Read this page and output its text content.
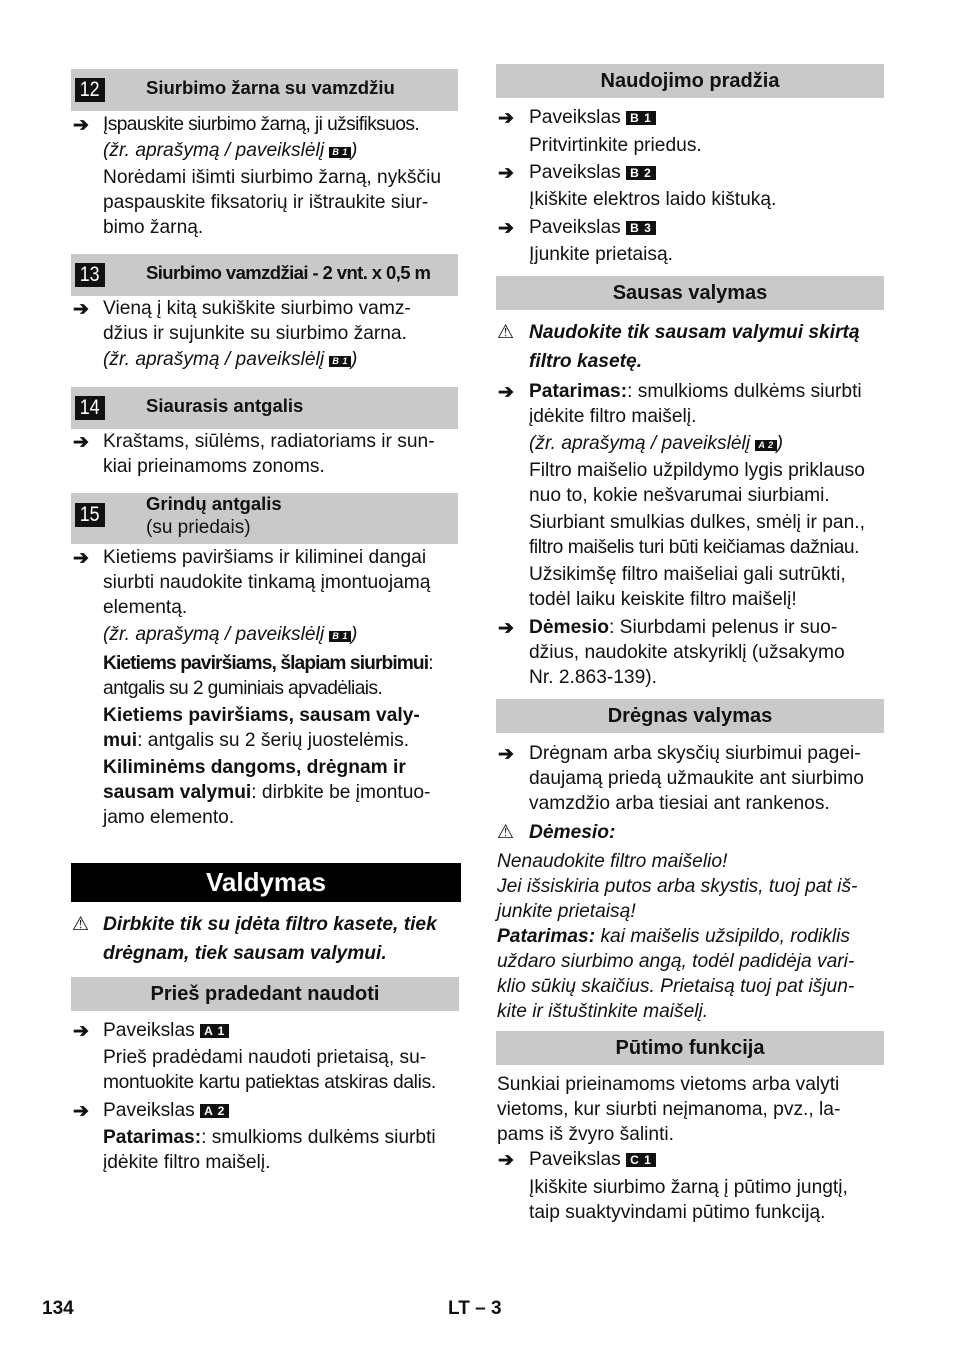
12 Siurbimo žarna su vamzdžiu
➔ Įspauskite siurbimo žarną, ji užsifiksuos.
(žr. aprašymą / paveikslėlį B 1 )
Norėdami išimti siurbimo žarną, nykščiu
paspauskite fiksatorių ir ištraukite siur-
bimo žarną.
13 Siurbimo vamzdžiai - 2 vnt. x 0,5 m
➔ Vieną į kitą sukiškite siurbimo vamz-
džius ir sujunkite su siurbimo žarna.
(žr. aprašymą / paveikslėlį B 1 )
14 Siaurasis antgalis
➔ Kraštams, siūlėms, radiatoriams ir sun-
kiai prieinamoms zonoms.
15 Grindų antgalis
(su priedais)
➔ Kietiems paviršiams ir kiliminei dangai
siurbti naudokite tinkamą įmontuojamą
elementą.
(žr. aprašymą / paveikslėlį B 1 )
Kietiems paviršiams, šlapiam siurbimui:
antgalis su 2 guminiais apvadėliais.
Kietiems paviršiams, sausam valy-
mui: antgalis su 2 šerių juostelėmis.
Kiliminėms dangoms, drėgnam ir
sausam valymui: dirbkite be įmontuo-
jamo elemento.
Valdymas
⚠ Dirbkite tik su įdėta filtro kasete, tiek
drėgnam, tiek sausam valymui.
Prieš pradedant naudoti
➔ Paveikslas A 1
Prieš pradėdami naudoti prietaisą, su-
montuokite kartu patiektas atskiras dalis.
➔ Paveikslas A 2
Patarimas:: smulkioms dulkėms siurbti
įdėkite filtro maišelį.
Naudojimo pradžia
➔ Paveikslas B 1
Pritvirtinkite priedus.
➔ Paveikslas B 2
Įkiškite elektros laido kištuką.
➔ Paveikslas B 3
Įjunkite prietaisą.
Sausas valymas
⚠ Naudokite tik sausam valymui skirtą
filtro kasetę.
➔ Patarimas:: smulkioms dulkėms siurbti
įdėkite filtro maišelį.
(žr. aprašymą / paveikslėlį A 2 )
Filtro maišelio užpildymo lygis priklauso
nuo to, kokie nešvarumai siurbiami.
Siurbiant smulkias dulkes, smėlį ir pan.,
filtro maišelis turi būti keičiamas dažniau.
Užsikimšę filtro maišeliai gali sutrūkti,
todėl laiku keiskite filtro maišelį!
➔ Dėmesio: Siurbdami pelenus ir suo-
džius, naudokite atskyriklį (užsakymo
Nr. 2.863-139).
Drėgnas valymas
➔ Drėgnam arba skysčių siurbimui pagei-
daujamą priedą užmaukite ant siurbimo
vamzdžio arba tiesiai ant rankenos.
⚠ Dėmesio:
Nenaudokite filtro maišelio!
Jei išsiskiria putos arba skystis, tuoj pat iš-
junkite prietaisą!
Patarimas: kai maišelis užsipildo, rodiklis
uždaro siurbimo angą, todėl padidėja vari-
klio sūkių skaičius. Prietaisą tuoj pat išjun-
kite ir ištuštinkite maišelį.
Pūtimo funkcija
Sunkiai prieinamoms vietoms arba valyti
vietoms, kur siurbti neįmanoma, pvz., la-
pams iš žvyro šalinti.
➔ Paveikslas C 1
Įkiškite siurbimo žarną į pūtimo jungtį,
taip suaktyvindami pūtimo funkciją.
134	LT – 3
